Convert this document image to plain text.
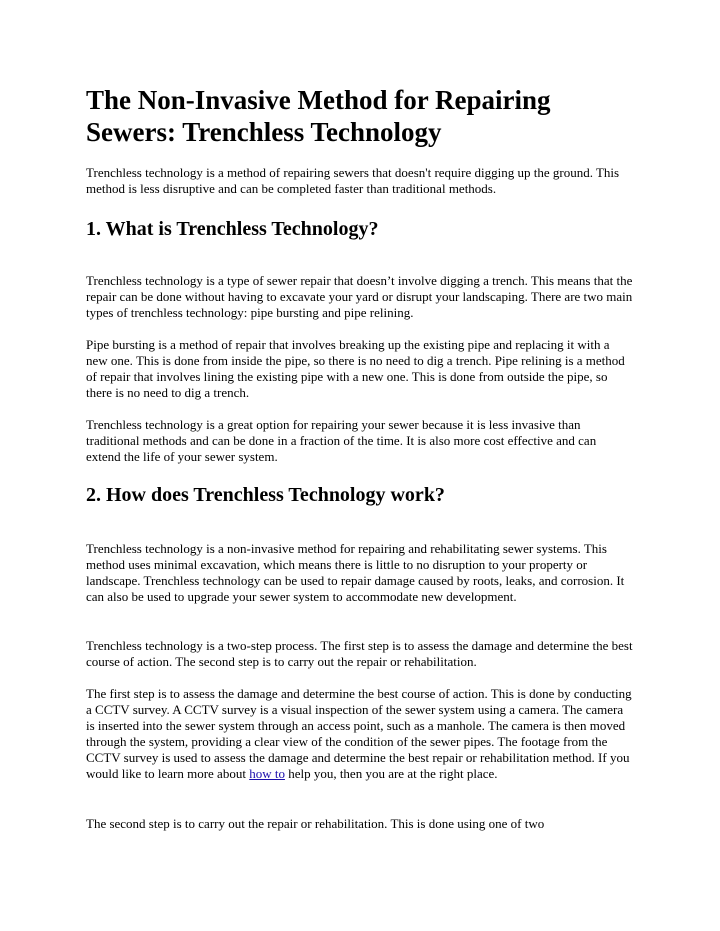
The Non-Invasive Method for Repairing Sewers: Trenchless Technology

Trenchless technology is a method of repairing sewers that doesn't require digging up the ground. This method is less disruptive and can be completed faster than traditional methods.

1. What is Trenchless Technology?

Trenchless technology is a type of sewer repair that doesn’t involve digging a trench. This means that the repair can be done without having to excavate your yard or disrupt your landscaping. There are two main types of trenchless technology: pipe bursting and pipe relining.

Pipe bursting is a method of repair that involves breaking up the existing pipe and replacing it with a new one. This is done from inside the pipe, so there is no need to dig a trench. Pipe relining is a method of repair that involves lining the existing pipe with a new one. This is done from outside the pipe, so there is no need to dig a trench.

Trenchless technology is a great option for repairing your sewer because it is less invasive than traditional methods and can be done in a fraction of the time. It is also more cost effective and can extend the life of your sewer system.

2. How does Trenchless Technology work?

Trenchless technology is a non-invasive method for repairing and rehabilitating sewer systems. This method uses minimal excavation, which means there is little to no disruption to your property or landscape. Trenchless technology can be used to repair damage caused by roots, leaks, and corrosion. It can also be used to upgrade your sewer system to accommodate new development.

Trenchless technology is a two-step process. The first step is to assess the damage and determine the best course of action. The second step is to carry out the repair or rehabilitation.

The first step is to assess the damage and determine the best course of action. This is done by conducting a CCTV survey. A CCTV survey is a visual inspection of the sewer system using a camera. The camera is inserted into the sewer system through an access point, such as a manhole. The camera is then moved through the system, providing a clear view of the condition of the sewer pipes. The footage from the CCTV survey is used to assess the damage and determine the best repair or rehabilitation method. If you would like to learn more about how to help you, then you are at the right place.

The second step is to carry out the repair or rehabilitation. This is done using one of two
